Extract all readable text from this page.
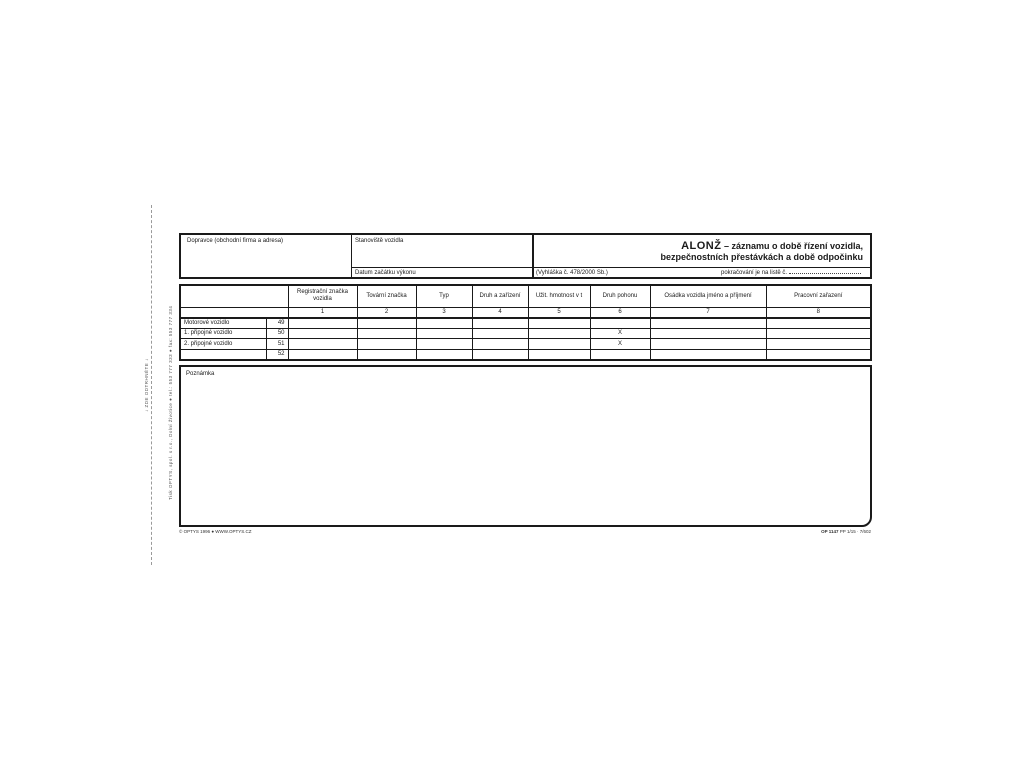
↓ ZDE ODTRHNĚTE ↓	Tisk OPTYS, spol. s r.o., Dolní Životice ● tel.: 553 777 333 ● fax: 553 777 334
Dopravce (obchodní firma a adresa)	Stanoviště vozidla
Datum začátku výkonu
ALONŽ – záznamu o době řízení vozidla,
bezpečnostních přestávkách a době odpočinku
(Vyhláška č. 478/2000 Sb.)	pokračování je na listě č.
		Registrační značka vozidla	Tovární značka	Typ	Druh a zařízení	Užit. hmotnost v t	Druh pohonu	Osádka vozidla jméno a příjmení	Pracovní zařazení
		1	2	3	4	5	6	7	8
Motorové vozidlo	49								
1. připojné vozidlo	50						X		
2. připojné vozidlo	51						X		
	52								
Poznámka
© OPTYS 1996 ● WWW.OPTYS.CZ	OP 1147 PP 1/15 · 7/602
